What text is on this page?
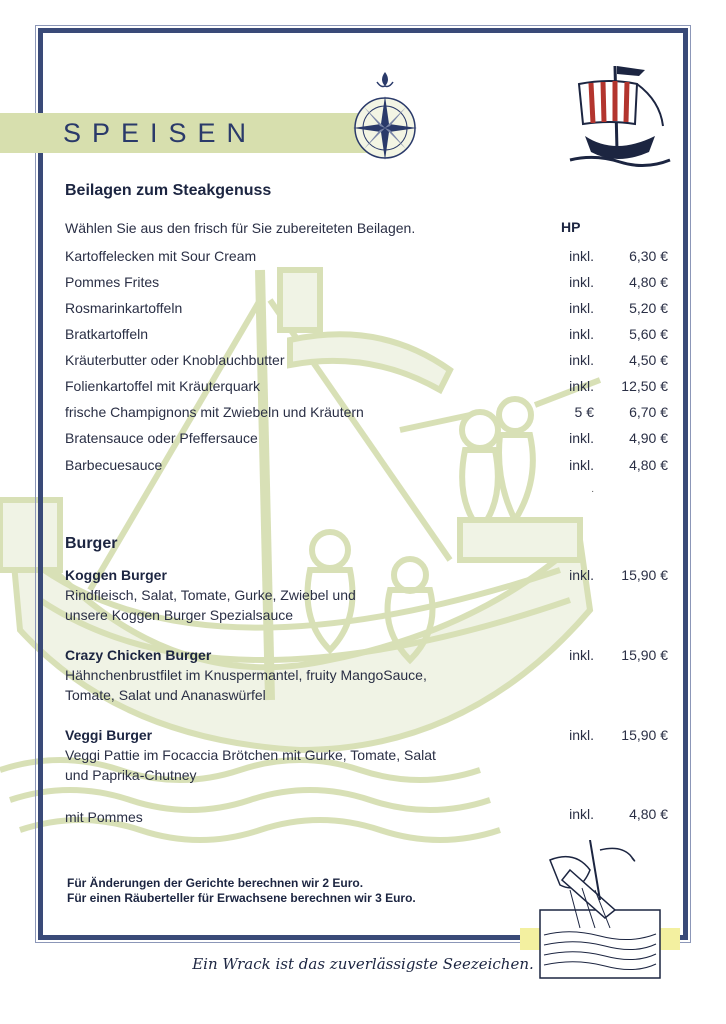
SPEISEN
Beilagen zum Steakgenuss
Wählen Sie aus den frisch für Sie zubereiteten Beilagen.	HP
Kartoffelecken mit Sour Cream	inkl.	6,30 €
Pommes Frites	inkl.	4,80 €
Rosmarinkartoffeln	inkl.	5,20 €
Bratkartoffeln	inkl.	5,60 €
Kräuterbutter oder Knoblauchbutter	inkl.	4,50 €
Folienkartoffel mit Kräuterquark	inkl. 12,50 €
frische Champignons mit Zwiebeln und Kräutern	5 €	6,70 €
Bratensauce oder Pfeffersauce	inkl.	4,90 €
Barbecuesauce	inkl.	4,80 €
·
Burger
Koggen Burger
Rindfleisch, Salat, Tomate, Gurke, Zwiebel und
unsere Koggen Burger Spezialsauce
inkl. 15,90 €
Crazy Chicken Burger
Hähnchenbrustfilet im Knuspermantel, fruity MangoSauce,
Tomate, Salat und Ananaswürfel
inkl. 15,90 €
Veggi Burger
Veggi Pattie im Focaccia Brötchen mit Gurke, Tomate, Salat
und Paprika-Chutney
inkl. 15,90 €
mit Pommes	inkl.	4,80 €
Für Änderungen der Gerichte berechnen wir 2 Euro.
Für einen Räuberteller für Erwachsene berechnen wir 3 Euro.
Ein Wrack ist das zuverlässigste Seezeichen.
